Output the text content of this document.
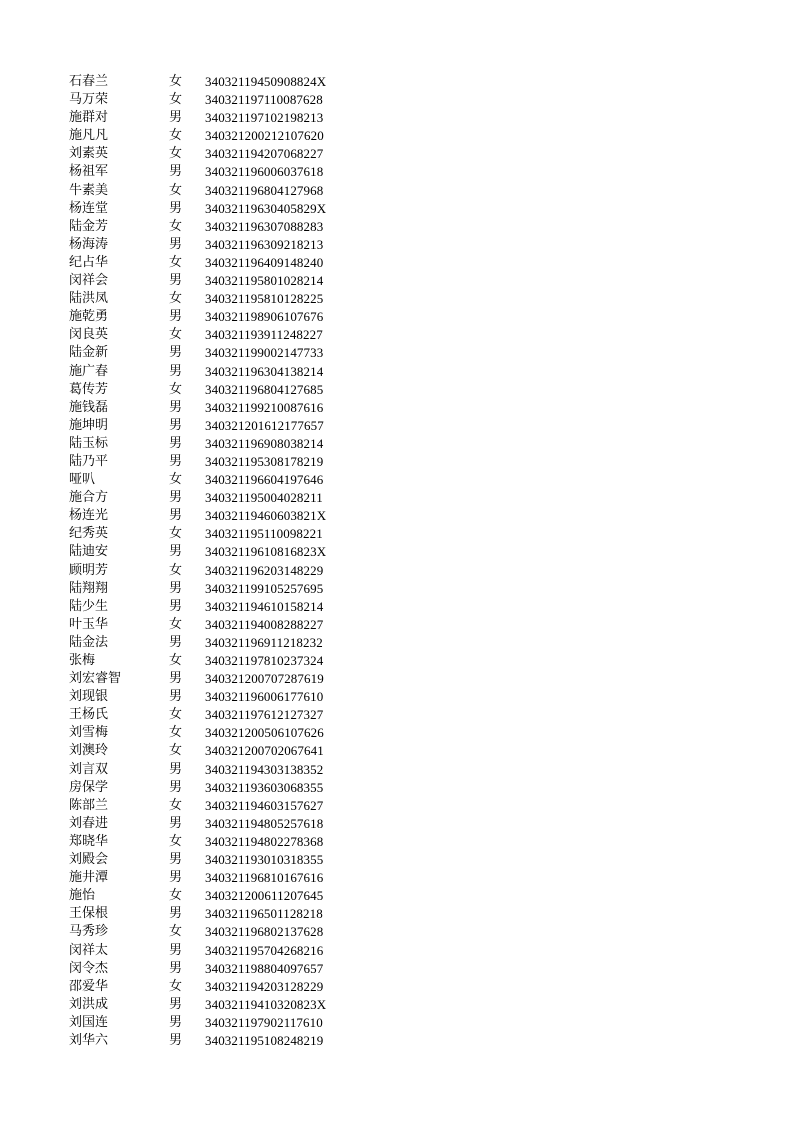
石春兰	女	34032119450908824X
马万荣	女	340321197110087628
施群对	男	340321197102198213
施凡凡	女	340321200212107620
刘素英	女	340321194207068227
杨祖军	男	340321196006037618
牛素美	女	340321196804127968
杨连堂	男	34032119630405829X
陆金芳	女	340321196307088283
杨海涛	男	340321196309218213
纪占华	女	340321196409148240
闵祥会	男	340321195801028214
陆洪凤	女	340321195810128225
施乾勇	男	340321198906107676
闵良英	女	340321193911248227
陆金新	男	340321199002147733
施广春	男	340321196304138214
葛传芳	女	340321196804127685
施钱磊	男	340321199210087616
施坤明	男	340321201612177657
陆玉标	男	340321196908038214
陆乃平	男	340321195308178219
哑叭	女	340321196604197646
施合方	男	340321195004028211
杨连光	男	34032119460603821X
纪秀英	女	340321195110098221
陆迪安	男	34032119610816823X
顾明芳	女	340321196203148229
陆翔翔	男	340321199105257695
陆少生	男	340321194610158214
叶玉华	女	340321194008288227
陆金法	男	340321196911218232
张梅	女	340321197810237324
刘宏睿智	男	340321200707287619
刘现银	男	340321196006177610
王杨氏	女	340321197612127327
刘雪梅	女	340321200506107626
刘澳玲	女	340321200702067641
刘言双	男	340321194303138352
房保学	男	340321193603068355
陈部兰	女	340321194603157627
刘春进	男	340321194805257618
郑晓华	女	340321194802278368
刘殿会	男	340321193010318355
施井潭	男	340321196810167616
施怡	女	340321200611207645
王保根	男	340321196501128218
马秀珍	女	340321196802137628
闵祥太	男	340321195704268216
闵令杰	男	340321198804097657
邵爱华	女	340321194203128229
刘洪成	男	34032119410320823X
刘国连	男	340321197902117610
刘华六	男	340321195108248219
